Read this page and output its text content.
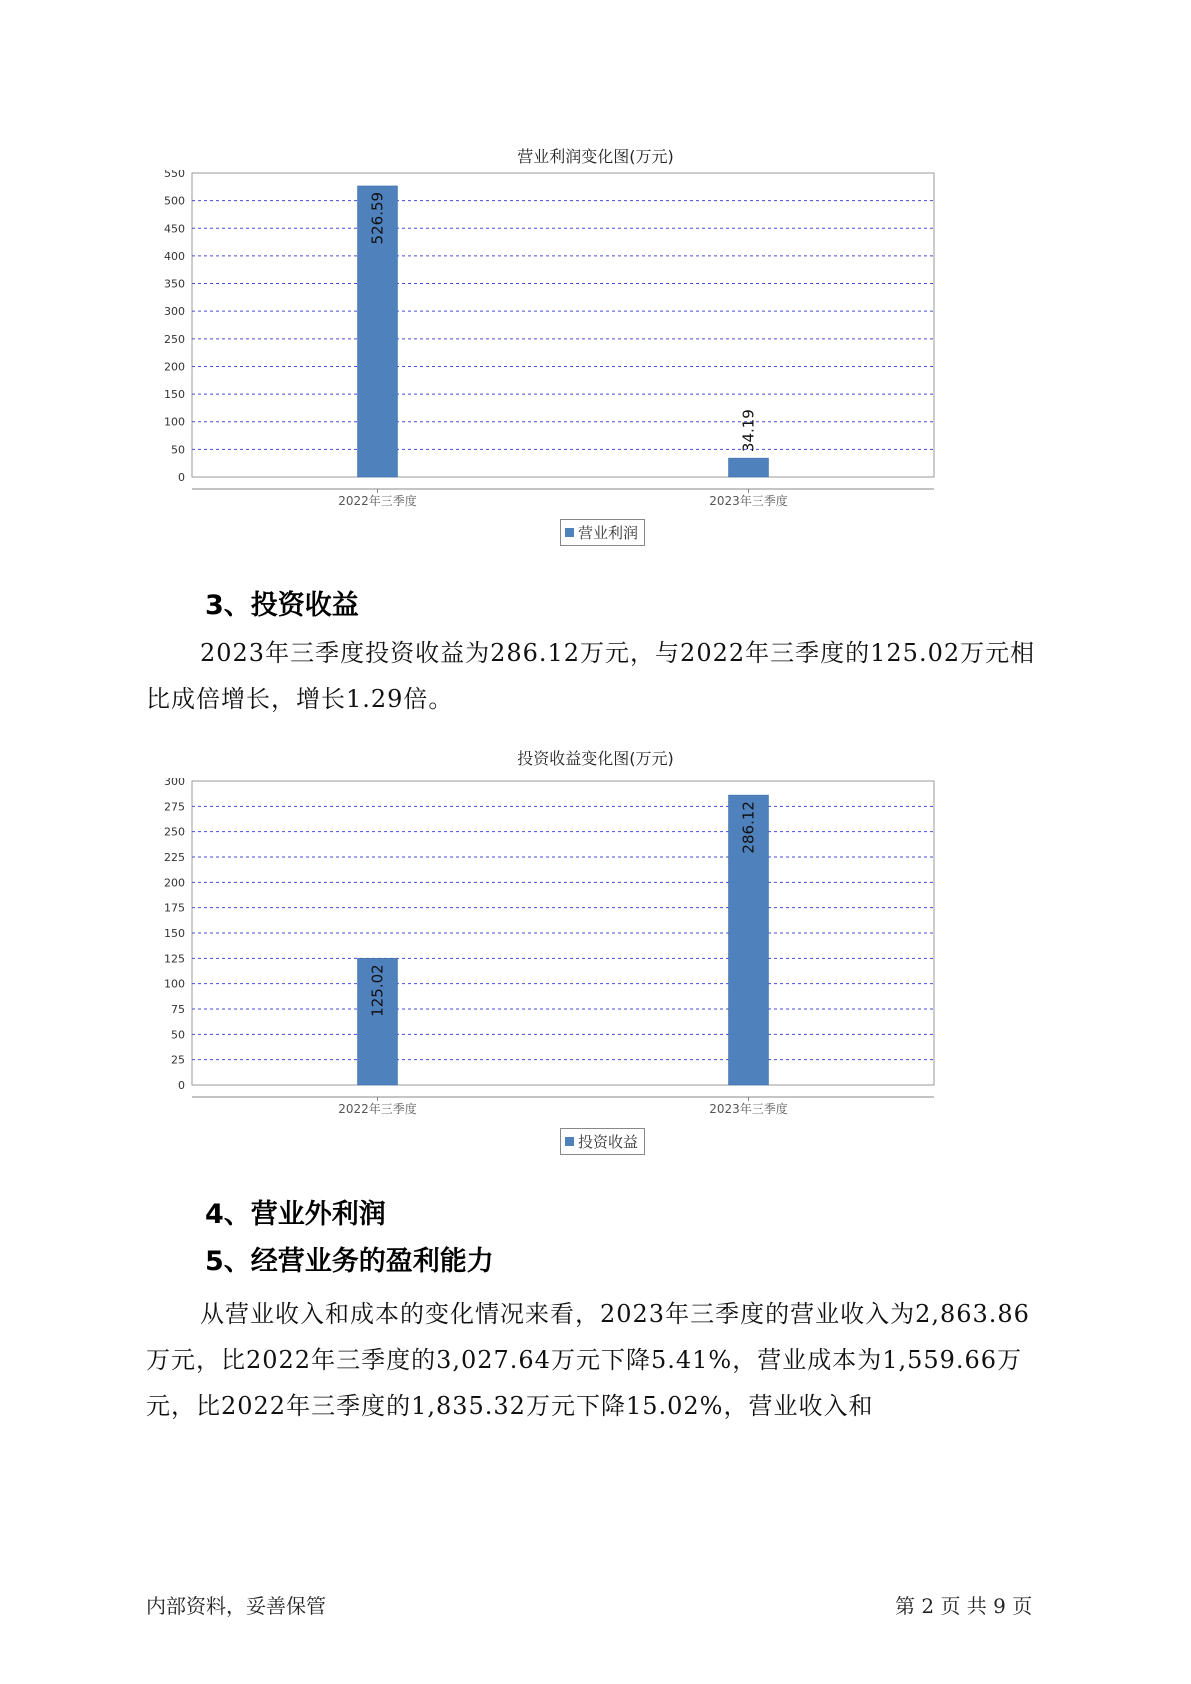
营业利润变化图(万元)
0
50
100
150
200
250
300
350
400
450
500
550
2022年三季度
526.59
2023年三季度
34.19
营业利润
3、投资收益
2023年三季度投资收益为286.12万元，与2022年三季度的125.02万元相比成倍增长，增长1.29倍。
投资收益变化图(万元)
0
25
50
75
100
125
150
175
200
225
250
275
300
2022年三季度
125.02
2023年三季度
286.12
投资收益
4、营业外利润
5、经营业务的盈利能力
从营业收入和成本的变化情况来看，2023年三季度的营业收入为2,863.86万元，比2022年三季度的3,027.64万元下降5.41%，营业成本为1,559.66万元，比2022年三季度的1,835.32万元下降15.02%，营业收入和
内部资料，妥善保管	第 2 页 共 9 页
